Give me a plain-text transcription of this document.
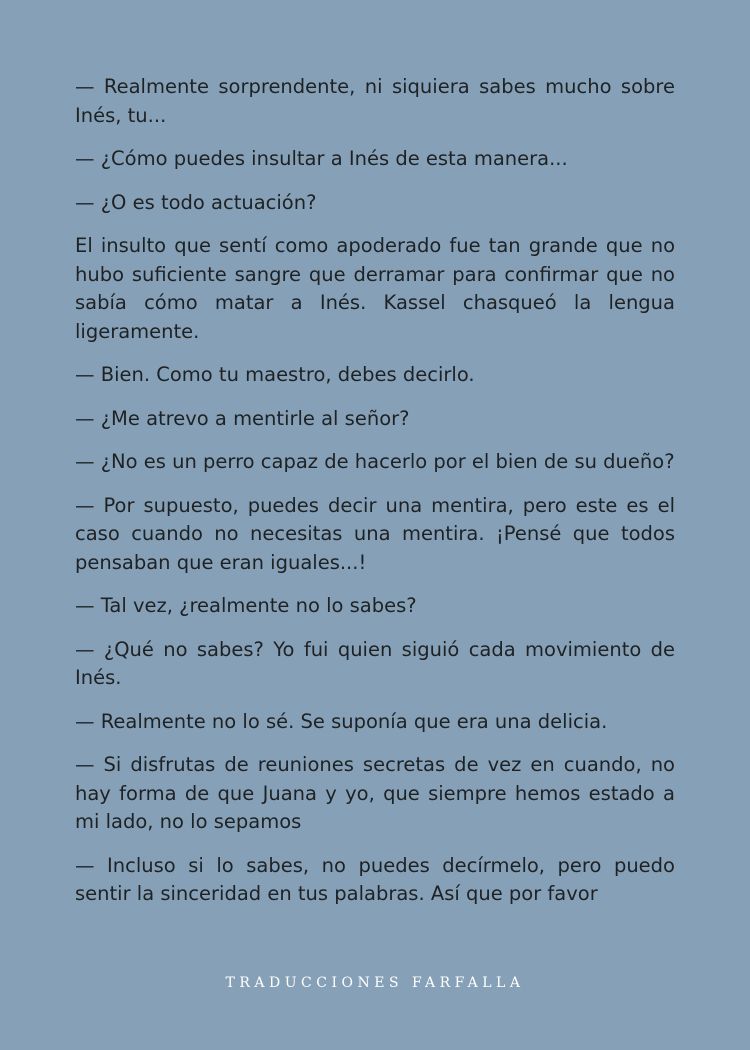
— Realmente sorprendente, ni siquiera sabes mucho sobre Inés, tu...

— ¿Cómo puedes insultar a Inés de esta manera...

— ¿O es todo actuación?

El insulto que sentí como apoderado fue tan grande que no hubo suficiente sangre que derramar para confirmar que no sabía cómo matar a Inés. Kassel chasqueó la lengua ligeramente.

— Bien. Como tu maestro, debes decirlo.

— ¿Me atrevo a mentirle al señor?

— ¿No es un perro capaz de hacerlo por el bien de su dueño?

— Por supuesto, puedes decir una mentira, pero este es el caso cuando no necesitas una mentira. ¡Pensé que todos pensaban que eran iguales...!

— Tal vez, ¿realmente no lo sabes?

— ¿Qué no sabes? Yo fui quien siguió cada movimiento de Inés.

— Realmente no lo sé. Se suponía que era una delicia.

— Si disfrutas de reuniones secretas de vez en cuando, no hay forma de que Juana y yo, que siempre hemos estado a mi lado, no lo sepamos

— Incluso si lo sabes, no puedes decírmelo, pero puedo sentir la sinceridad en tus palabras. Así que por favor

TRADUCCIONES FARFALLA
